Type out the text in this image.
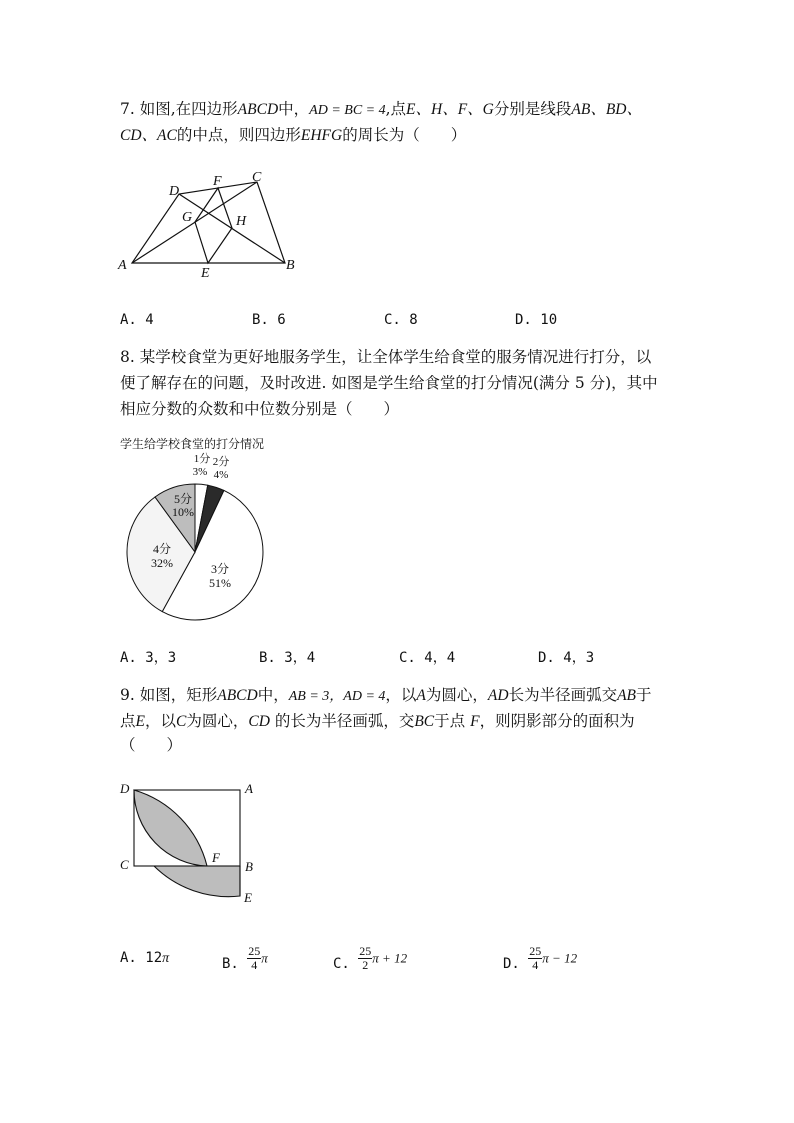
7. 如图,在四边形ABCD中，AD = BC = 4,点E、H、F、G分别是线段AB、BD、
CD、AC的中点，则四边形EHFG的周长为（　　）
A	B
C
D
E
F
G	H
A. 4	B. 6	C. 8	D. 10
8. 某学校食堂为更好地服务学生，让全体学生给食堂的服务情况进行打分，以
便了解存在的问题，及时改进. 如图是学生给食堂的打分情况(满分 5 分)，其中
相应分数的众数和中位数分别是（　　）
学生给学校食堂的打分情况
1分
3%
2分
4%
3分
51%
4分
32%
5分
10%
A. 3，3	B. 3，4	C. 4，4	D. 4，3
9. 如图，矩形ABCD中，AB = 3，AD = 4，以A为圆心，AD长为半径画弧交AB于
点E，以C为圆心，CD 的长为半径画弧，交BC于点 F，则阴影部分的面积为
（　　）
D	A
C	B
F
E
A. 12π	B. $\frac{25}{4}$ π	C. $\frac{25}{2}$ π + 12	D. $\frac{25}{4}$ π − 12
